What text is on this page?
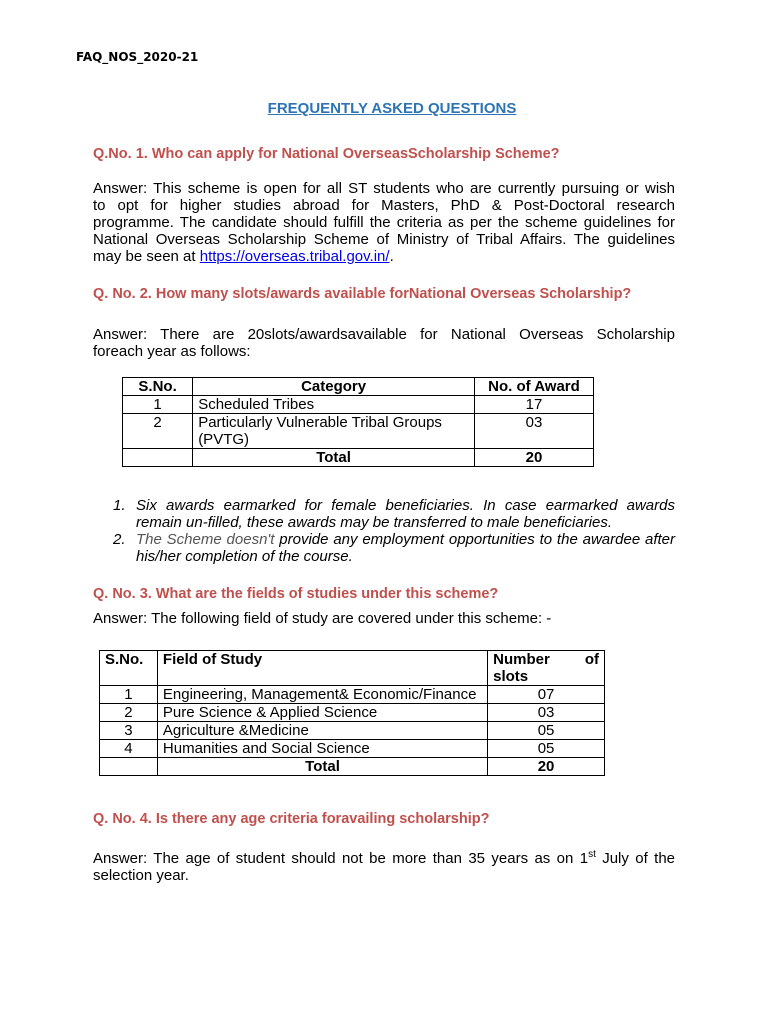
FAQ_NOS_2020-21
FREQUENTLY ASKED QUESTIONS
Q.No. 1. Who can apply for National OverseasScholarship Scheme?
Answer: This scheme is open for all ST students who are currently pursuing or wish
to opt for higher studies abroad for Masters, PhD & Post-Doctoral research
programme. The candidate should fulfill the criteria as per the scheme guidelines for
National Overseas Scholarship Scheme of Ministry of Tribal Affairs. The guidelines
may be seen at https://overseas.tribal.gov.in/.
Q. No. 2. How many slots/awards available forNational Overseas Scholarship?
Answer: There are 20slots/awardsavailable for National Overseas Scholarship
foreach year as follows:
S.No.	Category	No. of Award
1	Scheduled Tribes	17
2	Particularly Vulnerable Tribal Groups (PVTG)	03
	Total	20
1. Six awards earmarked for female beneficiaries. In case earmarked awards remain un-filled, these awards may be transferred to male beneficiaries.
2. The Scheme doesn't provide any employment opportunities to the awardee after his/her completion of the course.
Q. No. 3. What are the fields of studies under this scheme?
Answer: The following field of study are covered under this scheme: -
S.No.	Field of Study	Number of slots
1	Engineering, Management& Economic/Finance	07
2	Pure Science & Applied Science	03
3	Agriculture &Medicine	05
4	Humanities and Social Science	05
	Total	20
Q. No. 4. Is there any age criteria foravailing scholarship?
Answer: The age of student should not be more than 35 years as on 1st July of the
selection year.
